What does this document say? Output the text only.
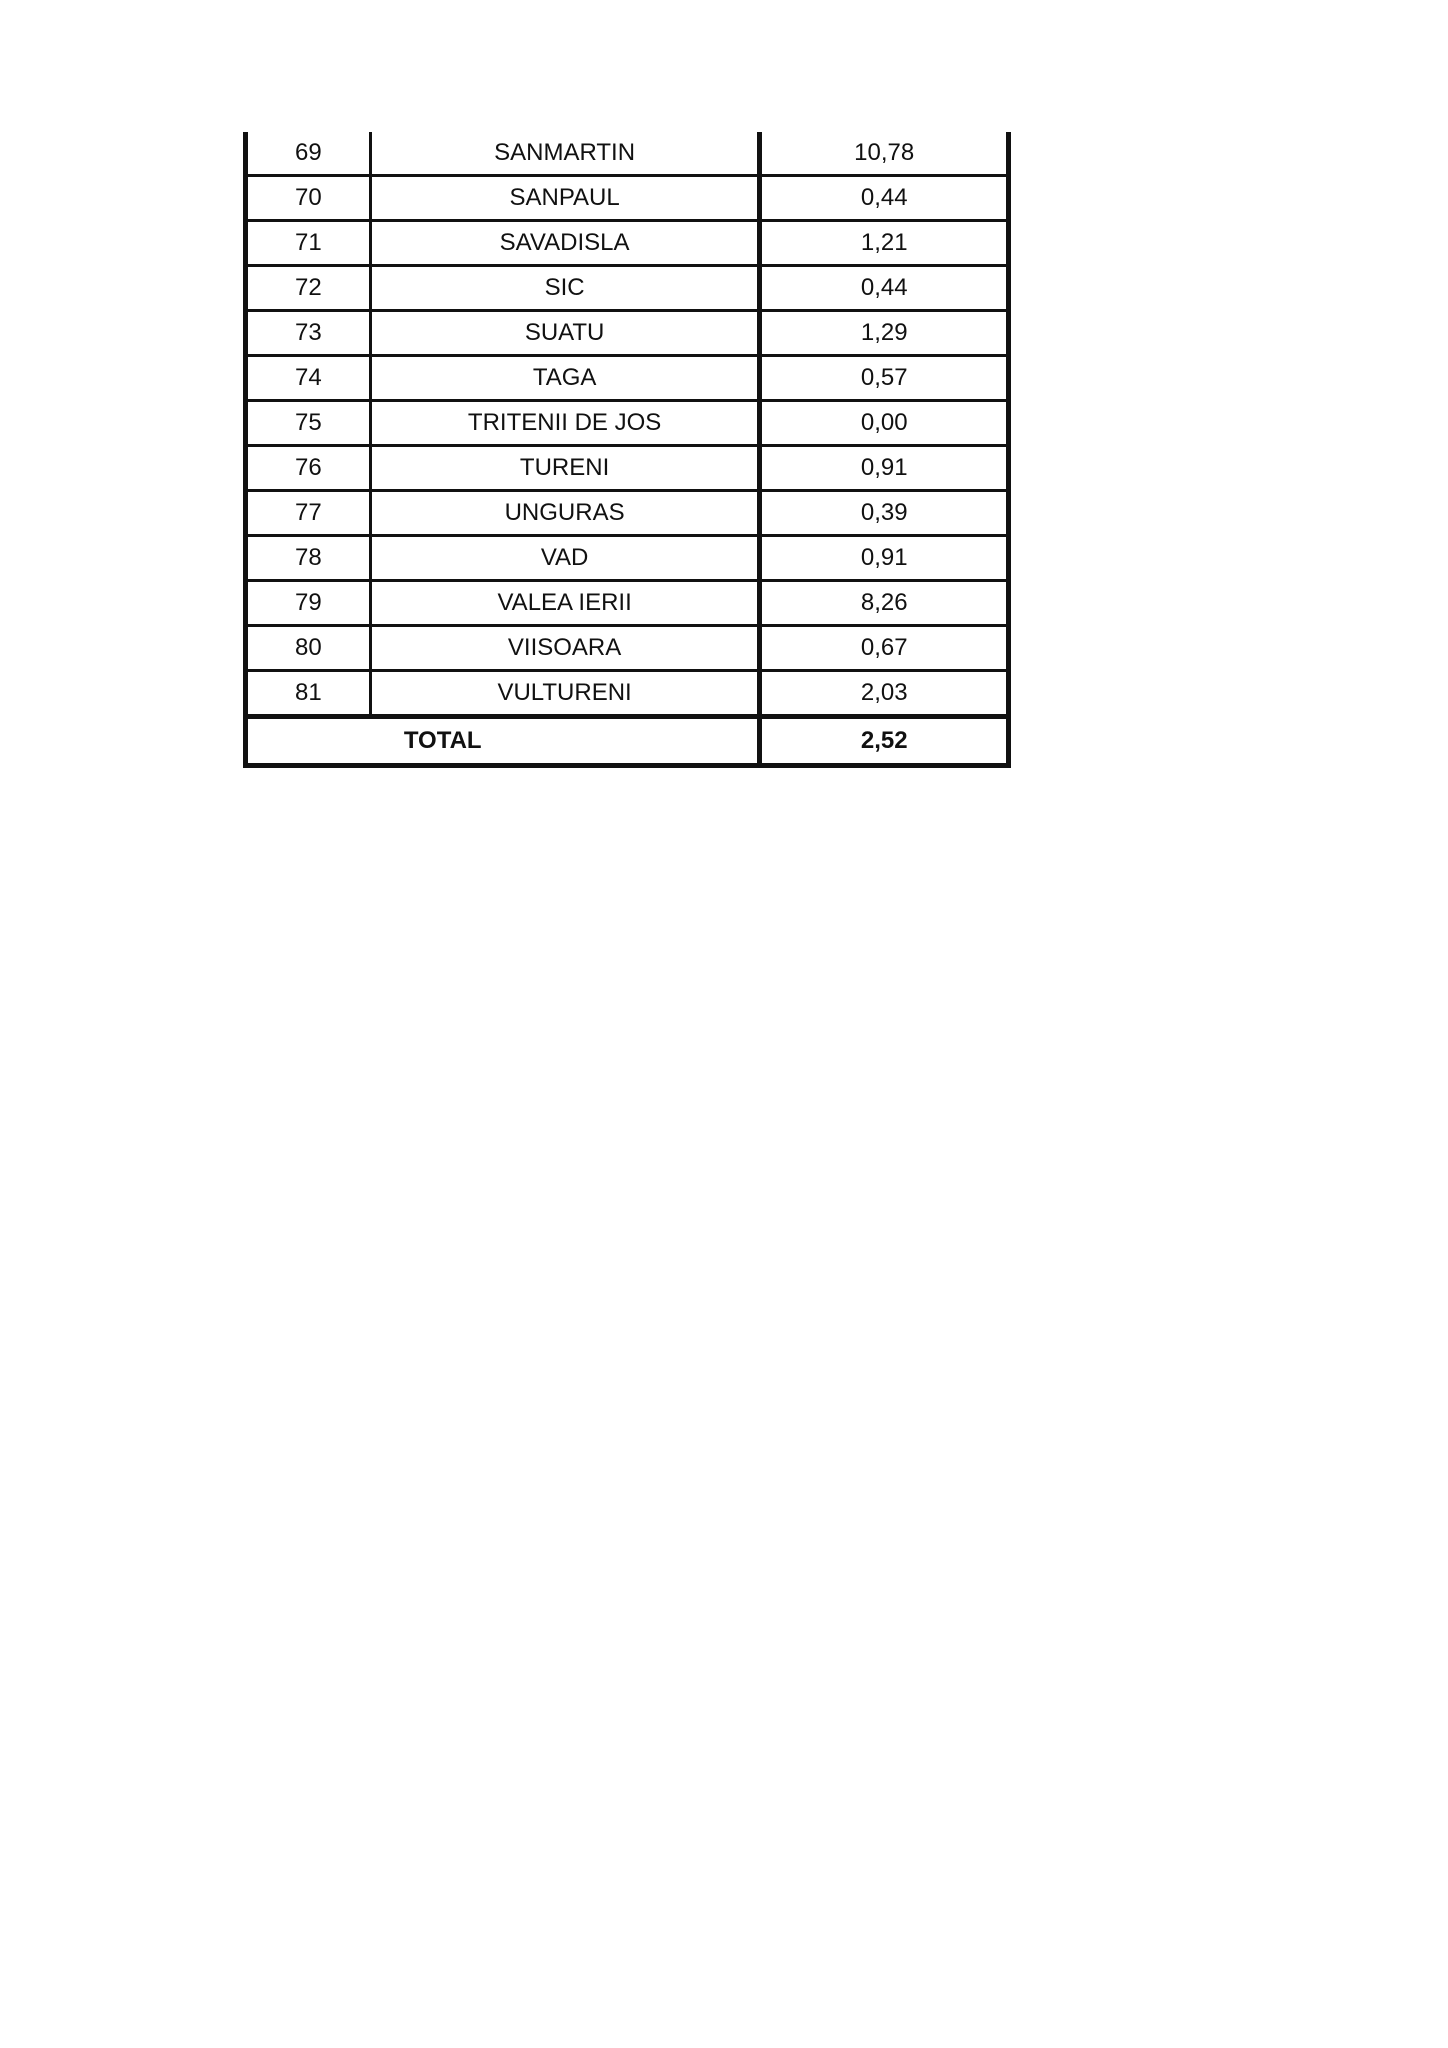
69	SANMARTIN	10,78
70	SANPAUL	0,44
71	SAVADISLA	1,21
72	SIC	0,44
73	SUATU	1,29
74	TAGA	0,57
75	TRITENII DE JOS	0,00
76	TURENI	0,91
77	UNGURAS	0,39
78	VAD	0,91
79	VALEA IERII	8,26
80	VIISOARA	0,67
81	VULTURENI	2,03
TOTAL		2,52
